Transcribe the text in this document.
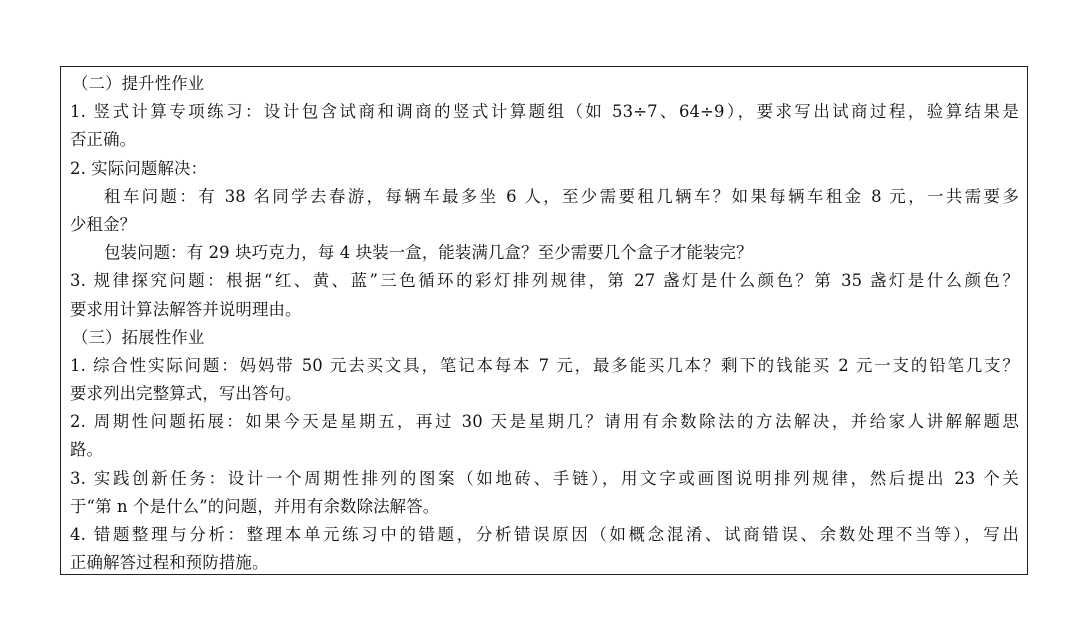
（二）提升性作业
1. 竖式计算专项练习：设计包含试商和调商的竖式计算题组（如 53÷7、64÷9），要求写出试商过程，验算结果是
否正确。
2. 实际问题解决：
租车问题：有 38 名同学去春游，每辆车最多坐 6 人，至少需要租几辆车？如果每辆车租金 8 元，一共需要多
少租金？
包装问题：有 29 块巧克力，每 4 块装一盒，能装满几盒？至少需要几个盒子才能装完？
3. 规律探究问题：根据“红、黄、蓝”三色循环的彩灯排列规律，第 27 盏灯是什么颜色？第 35 盏灯是什么颜色？
要求用计算法解答并说明理由。
（三）拓展性作业
1. 综合性实际问题：妈妈带 50 元去买文具，笔记本每本 7 元，最多能买几本？剩下的钱能买 2 元一支的铅笔几支？
要求列出完整算式，写出答句。
2. 周期性问题拓展：如果今天是星期五，再过 30 天是星期几？请用有余数除法的方法解决，并给家人讲解解题思
路。
3. 实践创新任务：设计一个周期性排列的图案（如地砖、手链），用文字或画图说明排列规律，然后提出 23 个关
于“第 n 个是什么”的问题，并用有余数除法解答。
4. 错题整理与分析：整理本单元练习中的错题，分析错误原因（如概念混淆、试商错误、余数处理不当等），写出
正确解答过程和预防措施。
